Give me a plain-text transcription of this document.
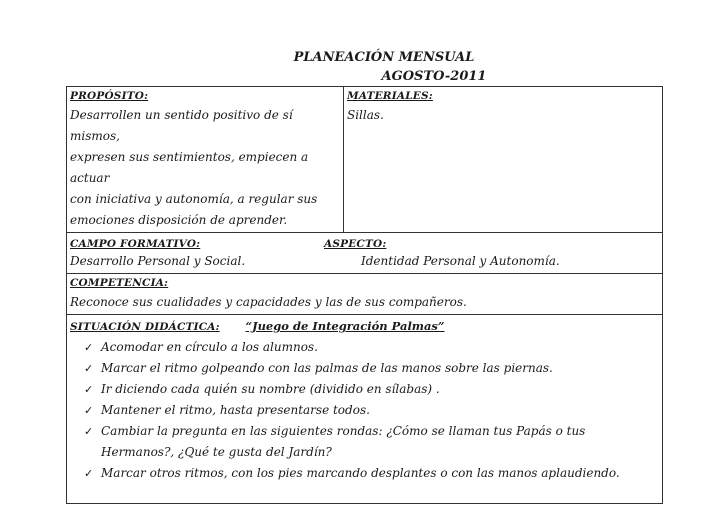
PLANEACIÓN MENSUAL
AGOSTO-2011
PROPÓSITO:
Desarrollen un sentido positivo de sí mismos,
expresen sus sentimientos, empiecen a actuar
con iniciativa y autonomía, a regular sus
emociones disposición de aprender.

MATERIALES:
Sillas.

CAMPO FORMATIVO:	ASPECTO:
Desarrollo Personal y Social.	Identidad Personal y Autonomía.

COMPETENCIA:
Reconoce sus cualidades y capacidades y las de sus compañeros.

SITUACIÓN DIDÁCTICA: “Juego de Integración Palmas”
✓ Acomodar en círculo a los alumnos.
✓ Marcar el ritmo golpeando con las palmas de las manos sobre las piernas.
✓ Ir diciendo cada quién su nombre (dividido en sílabas) .
✓ Mantener el ritmo, hasta presentarse todos.
✓ Cambiar la pregunta en las siguientes rondas: ¿Cómo se llaman tus Papás o tus Hermanos?, ¿Qué te gusta del Jardín?
✓ Marcar otros ritmos, con los pies marcando desplantes o con las manos aplaudiendo.
